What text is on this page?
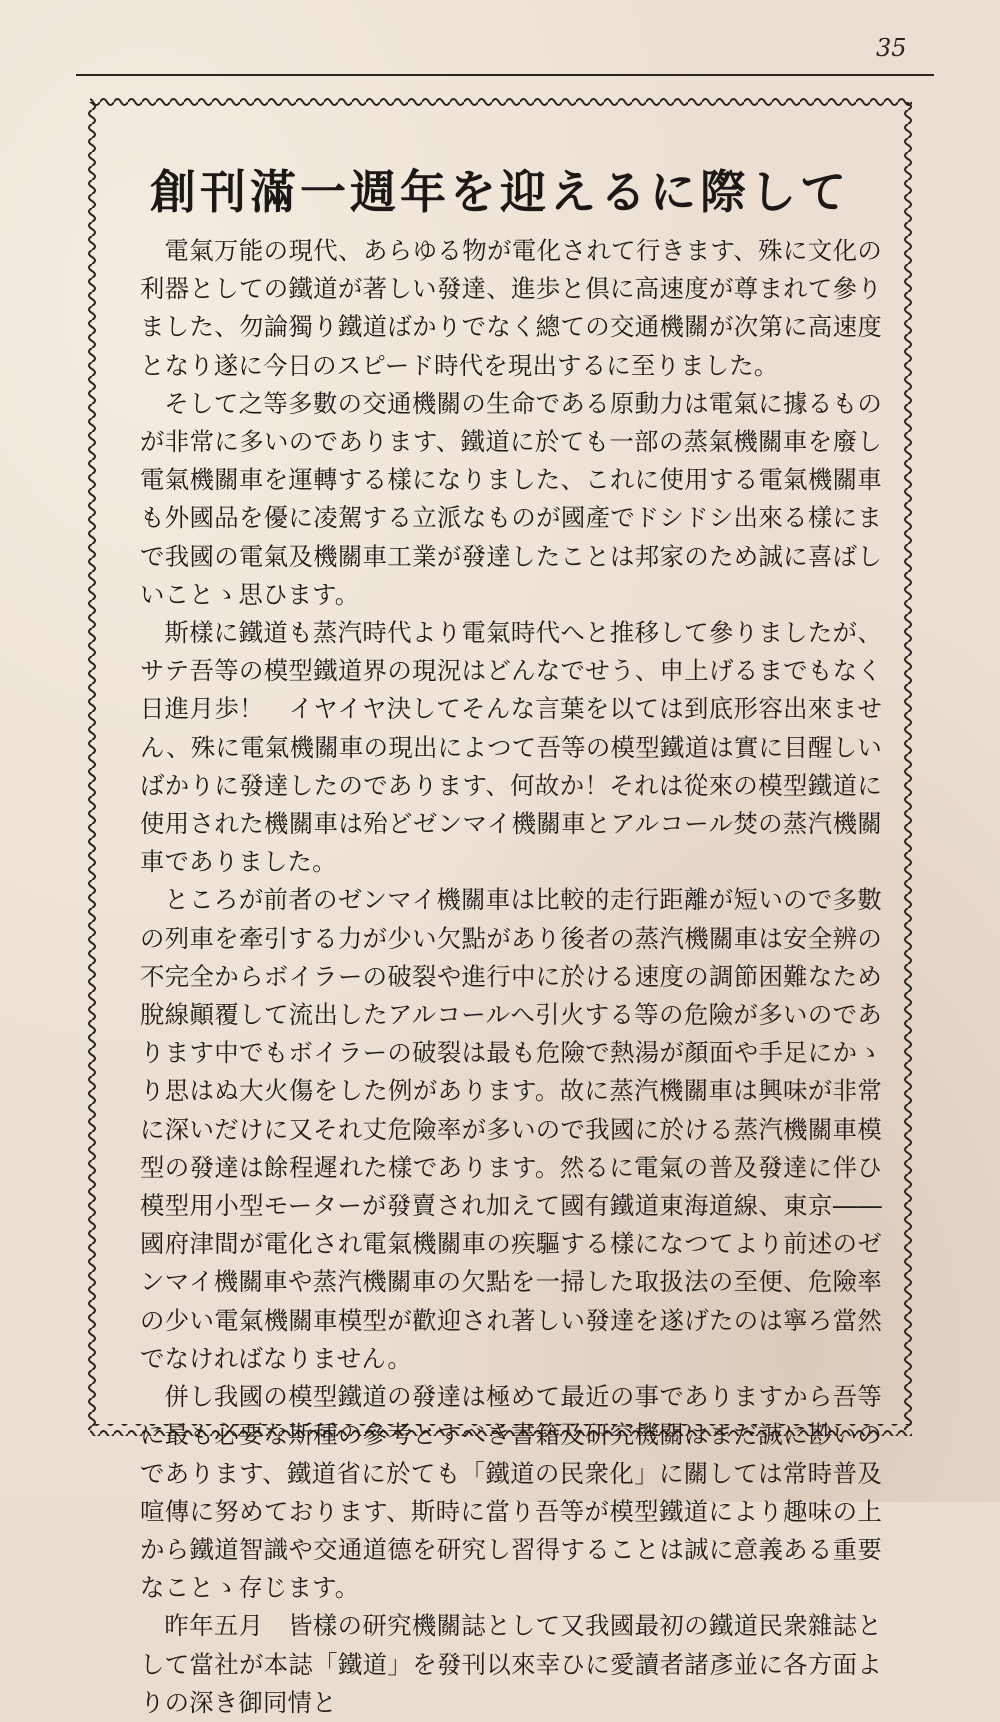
35
創刊滿一週年を迎えるに際して

電氣万能の現代、あらゆる物が電化されて行きます、殊に文化の利器としての鐵道が著しい發達、進歩と倶に高速度が尊まれて參りました、勿論獨り鐵道ばかりでなく總ての交通機關が次第に高速度となり遂に今日のスピード時代を現出するに至りました。

そして之等多數の交通機關の生命である原動力は電氣に據るものが非常に多いのであります、鐵道に於ても一部の蒸氣機關車を廢し電氣機關車を運轉する樣になりました、これに使用する電氣機關車も外國品を優に凌駕する立派なものが國產でドシドシ出來る樣にまで我國の電氣及機關車工業が發達したことは邦家のため誠に喜ばしいことゝ思ひます。

斯樣に鐵道も蒸汽時代より電氣時代へと推移して參りましたが、サテ吾等の模型鐵道界の現況はどんなでせう、申上げるまでもなく日進月歩！　イヤイヤ決してそんな言葉を以ては到底形容出來ません、殊に電氣機關車の現出によつて吾等の模型鐵道は實に目醒しいばかりに發達したのであります、何故か！それは從來の模型鐵道に使用された機關車は殆どゼンマイ機關車とアルコール焚の蒸汽機關車でありました。

ところが前者のゼンマイ機關車は比較的走行距離が短いので多數の列車を牽引する力が少い欠點があり後者の蒸汽機關車は安全辨の不完全からボイラーの破裂や進行中に於ける速度の調節困難なため脫線顚覆して流出したアルコールへ引火する等の危險が多いのであります中でもボイラーの破裂は最も危險で熱湯が顏面や手足にかゝり思はぬ大火傷をした例があります。故に蒸汽機關車は興味が非常に深いだけに又それ丈危險率が多いので我國に於ける蒸汽機關車模型の發達は餘程遲れた樣であります。然るに電氣の普及發達に伴ひ模型用小型モーターが發賣され加えて國有鐵道東海道線、東京――國府津間が電化され電氣機關車の疾驅する樣になつてより前述のゼンマイ機關車や蒸汽機關車の欠點を一掃した取扱法の至便、危險率の少い電氣機關車模型が歡迎され著しい發達を遂げたのは寧ろ當然でなければなりません。

併し我國の模型鐵道の發達は極めて最近の事でありますから吾等に最も必要な斯種の參考とすべき書籍及研究機關はまだ誠に尠いのであります、鐵道省に於ても「鐵道の民衆化」に關しては常時普及喧傳に努めております、斯時に當り吾等が模型鐵道により趣味の上から鐵道智識や交通道德を研究し習得することは誠に意義ある重要なことゝ存じます。

昨年五月　皆樣の研究機關誌として又我國最初の鐵道民衆雜誌として當社が本誌「鐵道」を發刊以來幸ひに愛讀者諸彥並に各方面よりの深き御同情と
